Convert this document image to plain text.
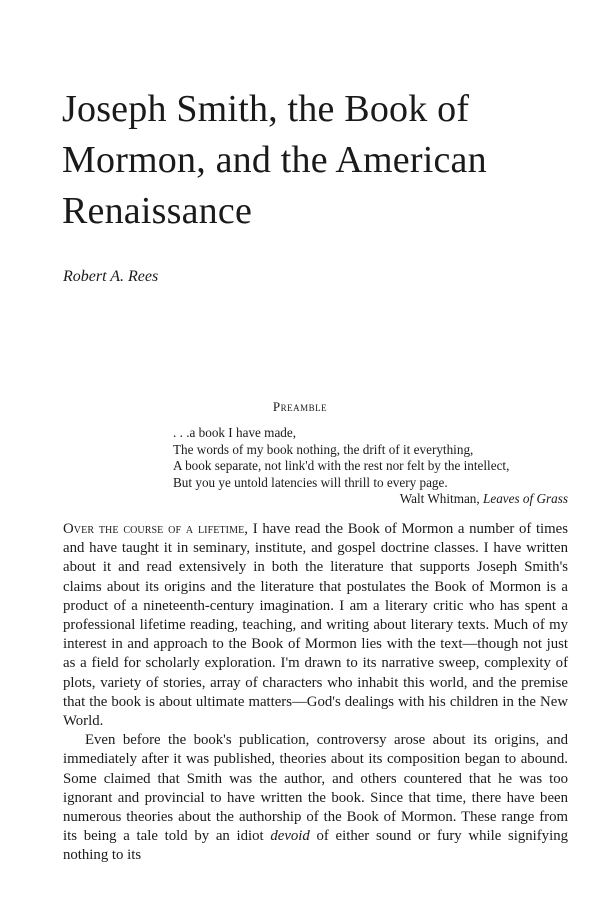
Joseph Smith, the Book of
Mormon, and the American
Renaissance

Robert A. Rees

Preamble

. . .a book I have made,
The words of my book nothing, the drift of it everything,
A book separate, not link'd with the rest nor felt by the intellect,
But you ye untold latencies will thrill to every page.
Walt Whitman, Leaves of Grass

Over the course of a lifetime, I have read the Book of Mormon a number of times and have taught it in seminary, institute, and gospel doctrine classes. I have written about it and read extensively in both the literature that supports Joseph Smith's claims about its origins and the literature that postulates the Book of Mormon is a product of a nineteenth-century imagination. I am a literary critic who has spent a professional lifetime reading, teaching, and writing about literary texts. Much of my interest in and approach to the Book of Mormon lies with the text—though not just as a field for scholarly exploration. I'm drawn to its narrative sweep, complexity of plots, variety of stories, array of characters who inhabit this world, and the premise that the book is about ultimate matters—God's dealings with his children in the New World.

Even before the book's publication, controversy arose about its origins, and immediately after it was published, theories about its composition began to abound. Some claimed that Smith was the author, and others countered that he was too ignorant and provincial to have written the book. Since that time, there have been numerous theories about the authorship of the Book of Mormon. These range from its being a tale told by an idiot devoid of either sound or fury while signifying nothing to its
